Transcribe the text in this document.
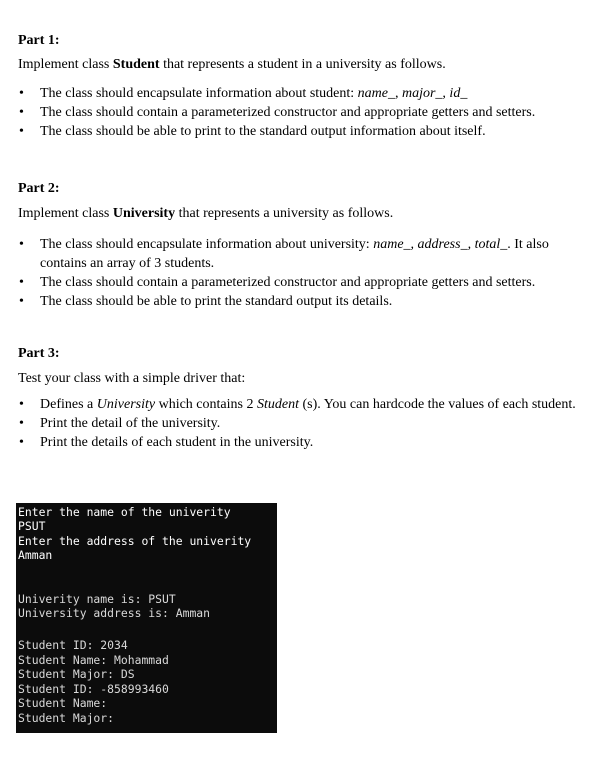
Part 1:
Implement class Student that represents a student in a university as follows.
• The class should encapsulate information about student: name_, major_, id_
• The class should contain a parameterized constructor and appropriate getters and setters.
• The class should be able to print to the standard output information about itself.
Part 2:
Implement class University that represents a university as follows.
• The class should encapsulate information about university: name_, address_, total_. It also contains an array of 3 students.
• The class should contain a parameterized constructor and appropriate getters and setters.
• The class should be able to print the standard output its details.
Part 3:
Test your class with a simple driver that:
• Defines a University which contains 2 Student (s). You can hardcode the values of each student.
• Print the detail of the university.
• Print the details of each student in the university.
Enter the name of the univerity
PSUT
Enter the address of the univerity
Amman
Univerity name is: PSUT
University address is: Amman
Student ID: 2034
Student Name: Mohammad
Student Major: DS
Student ID: -858993460
Student Name:
Student Major:
